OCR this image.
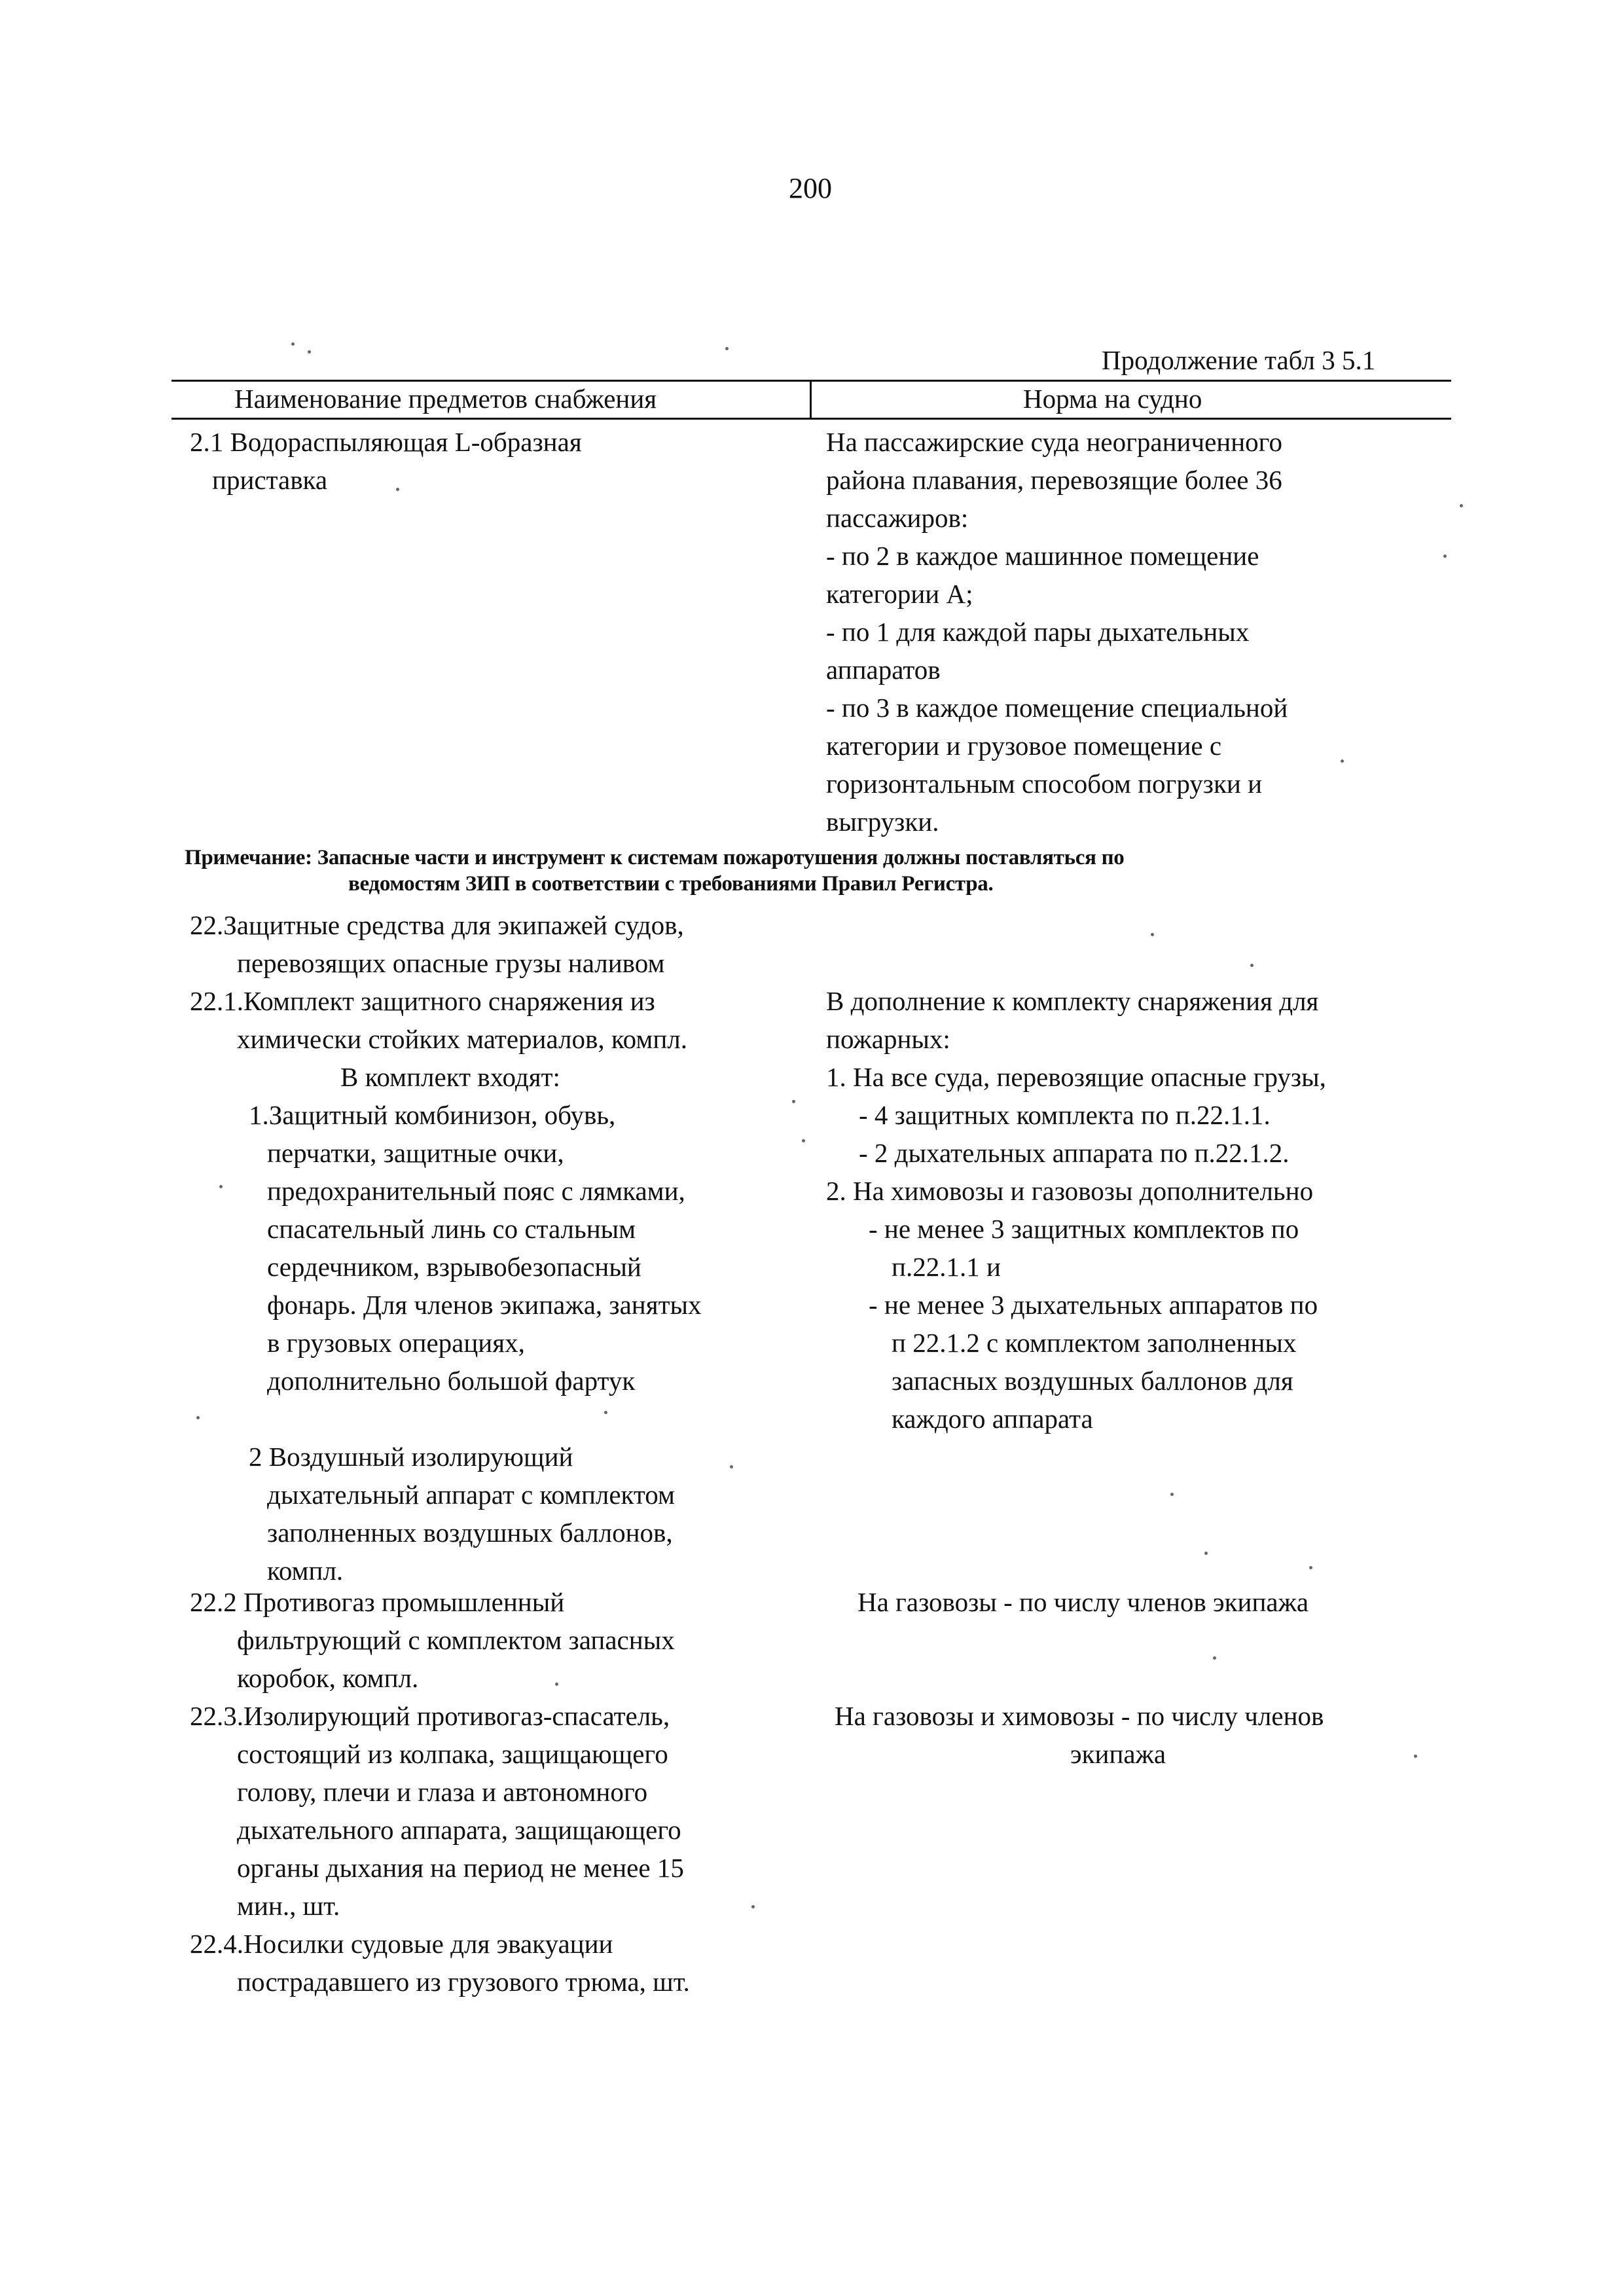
200
Продолжение табл 3 5.1
Наименование предметов снабжения	Норма на судно
2.1 Водораспыляющая L-образная
приставка
На пассажирские суда неограниченного
района плавания, перевозящие более 36
пассажиров:
- по 2 в каждое машинное помещение
категории А;
- по 1 для каждой пары дыхательных
аппаратов
- по 3 в каждое помещение специальной
категории и грузовое помещение с
горизонтальным способом погрузки и
выгрузки.
Примечание: Запасные части и инструмент к системам пожаротушения должны поставляться по
ведомостям ЗИП в соответствии с требованиями Правил Регистра.
22.Защитные средства для экипажей судов,
перевозящих опасные грузы наливом
22.1.Комплект защитного снаряжения из
химически стойких материалов, компл.
В комплект входят:
1.Защитный комбинизон, обувь,
перчатки, защитные очки,
предохранительный пояс с лямками,
спасательный линь со стальным
сердечником, взрывобезопасный
фонарь. Для членов экипажа, занятых
в грузовых операциях,
дополнительно большой фартук
2 Воздушный изолирующий
дыхательный аппарат с комплектом
заполненных воздушных баллонов,
компл.
В дополнение к комплекту снаряжения для
пожарных:
1. На все суда, перевозящие опасные грузы,
- 4 защитных комплекта по п.22.1.1.
- 2 дыхательных аппарата по п.22.1.2.
2. На химовозы и газовозы дополнительно
- не менее 3 защитных комплектов по
п.22.1.1 и
- не менее 3 дыхательных аппаратов по
п 22.1.2 с комплектом заполненных
запасных воздушных баллонов для
каждого аппарата
22.2 Противогаз промышленный
фильтрующий с комплектом запасных
коробок, компл.
На газовозы - по числу членов экипажа
22.3.Изолирующий противогаз-спасатель,
состоящий из колпака, защищающего
голову, плечи и глаза и автономного
дыхательного аппарата, защищающего
органы дыхания на период не менее 15
мин., шт.
На газовозы и химовозы - по числу членов
экипажа
22.4.Носилки судовые для эвакуации
пострадавшего из грузового трюма, шт.
